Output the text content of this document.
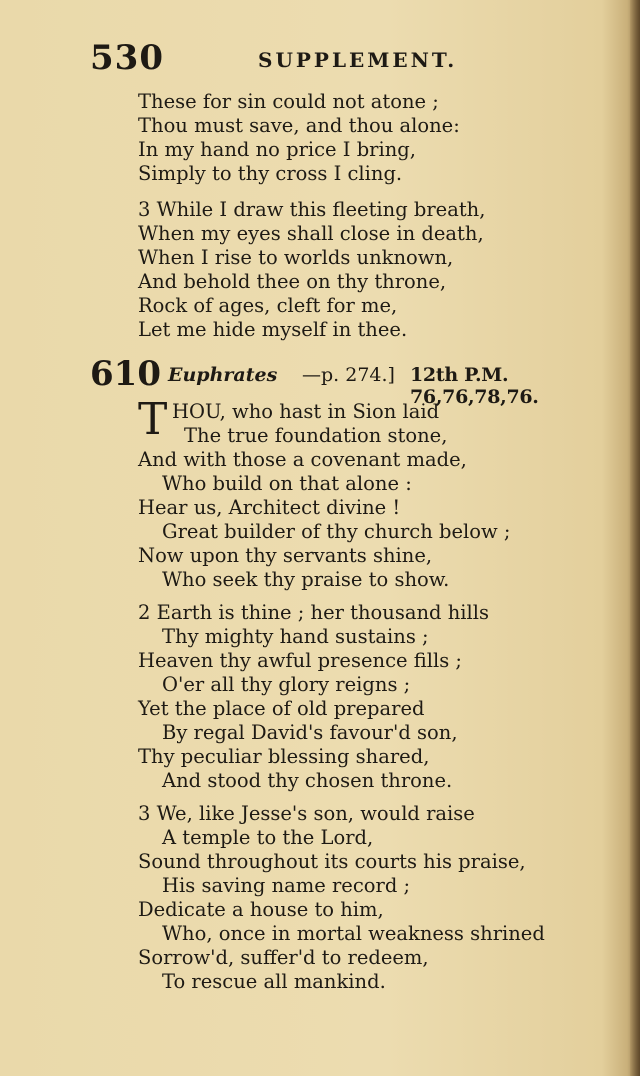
530	SUPPLEMENT.
These for sin could not atone ;
Thou must save, and thou alone:
In my hand no price I bring,
Simply to thy cross I cling.
3 While I draw this fleeting breath,
When my eyes shall close in death,
When I rise to worlds unknown,
And behold thee on thy throne,
Rock of ages, cleft for me,
Let me hide myself in thee.
610 Euphrates —p. 274.] 12th P.M. 76,76,78,76.
T HOU, who hast in Sion laid
The true foundation stone,
And with those a covenant made,
Who build on that alone :
Hear us, Architect divine !
Great builder of thy church below ;
Now upon thy servants shine,
Who seek thy praise to show.
2 Earth is thine ; her thousand hills
Thy mighty hand sustains ;
Heaven thy awful presence fills ;
O'er all thy glory reigns ;
Yet the place of old prepared
By regal David's favour'd son,
Thy peculiar blessing shared,
And stood thy chosen throne.
3 We, like Jesse's son, would raise
A temple to the Lord,
Sound throughout its courts his praise,
His saving name record ;
Dedicate a house to him,
Who, once in mortal weakness shrined
Sorrow'd, suffer'd to redeem,
To rescue all mankind.
